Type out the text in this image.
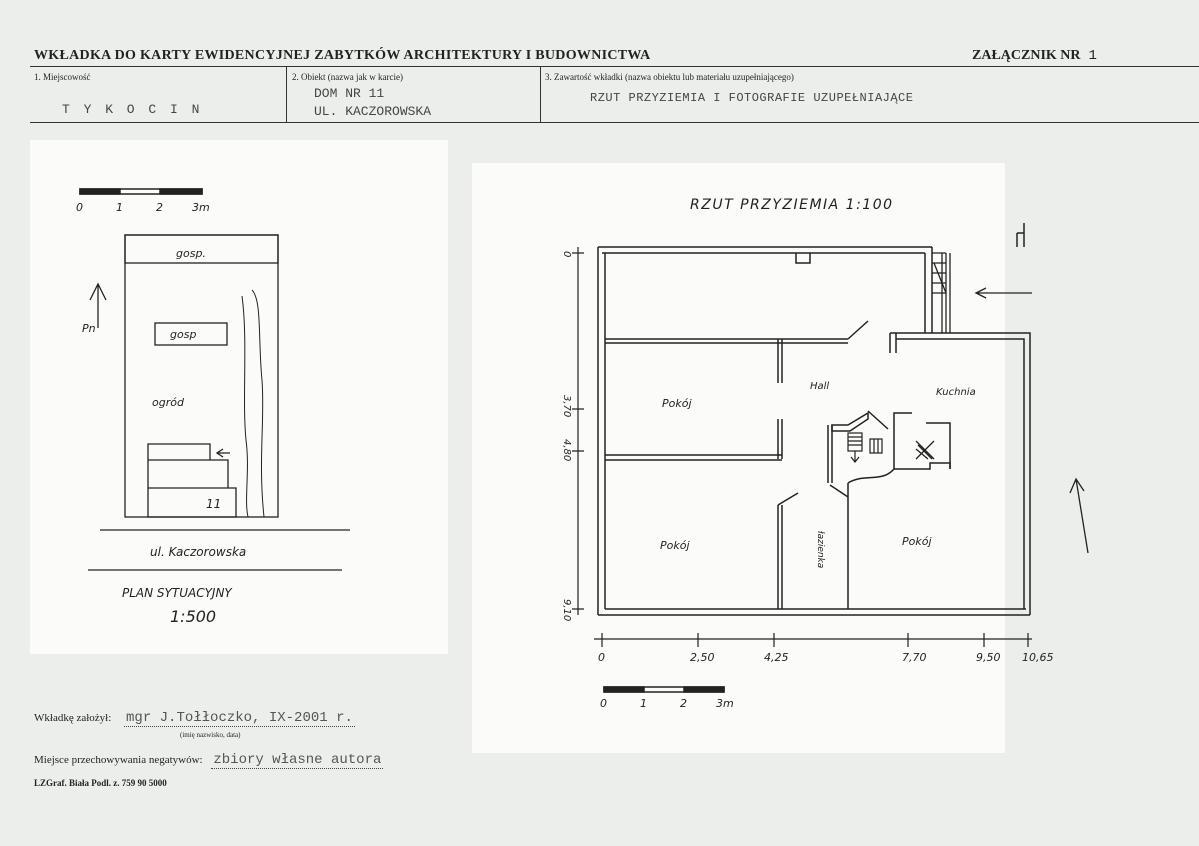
WKŁADKA DO KARTY EWIDENCYJNEJ ZABYTKÓW ARCHITEKTURY I BUDOWNICTWA	ZAŁĄCZNIK NR 1
1. Miejscowość
T Y K O C I N
2. Obiekt (nazwa jak w karcie)
DOM NR 11
UL. KACZOROWSKA
3. Zawartość wkładki (nazwa obiektu lub materiału uzupełniającego)
RZUT PRZYZIEMIA I FOTOGRAFIE UZUPEŁNIAJĄCE
0	1	2	3m
gosp.
gosp
ogród
Pn
11
ul. Kaczorowska
PLAN SYTUACYJNY
1:500
RZUT PRZYZIEMIA 1:100
Pokój
Hall
Kuchnia
Pokój	Pokój
łazienka
0	2,50	4,25	7,70	9,50 10,65
0
3,70
4,80
9,10
0	1	2	3m
Wkładkę założył: mgr J.Tołłoczko, IX-2001 r.
(imię nazwisko, data)
Miejsce przechowywania negatywów: zbiory własne autora
LZGraf. Biała Podl. z. 759 90 5000
